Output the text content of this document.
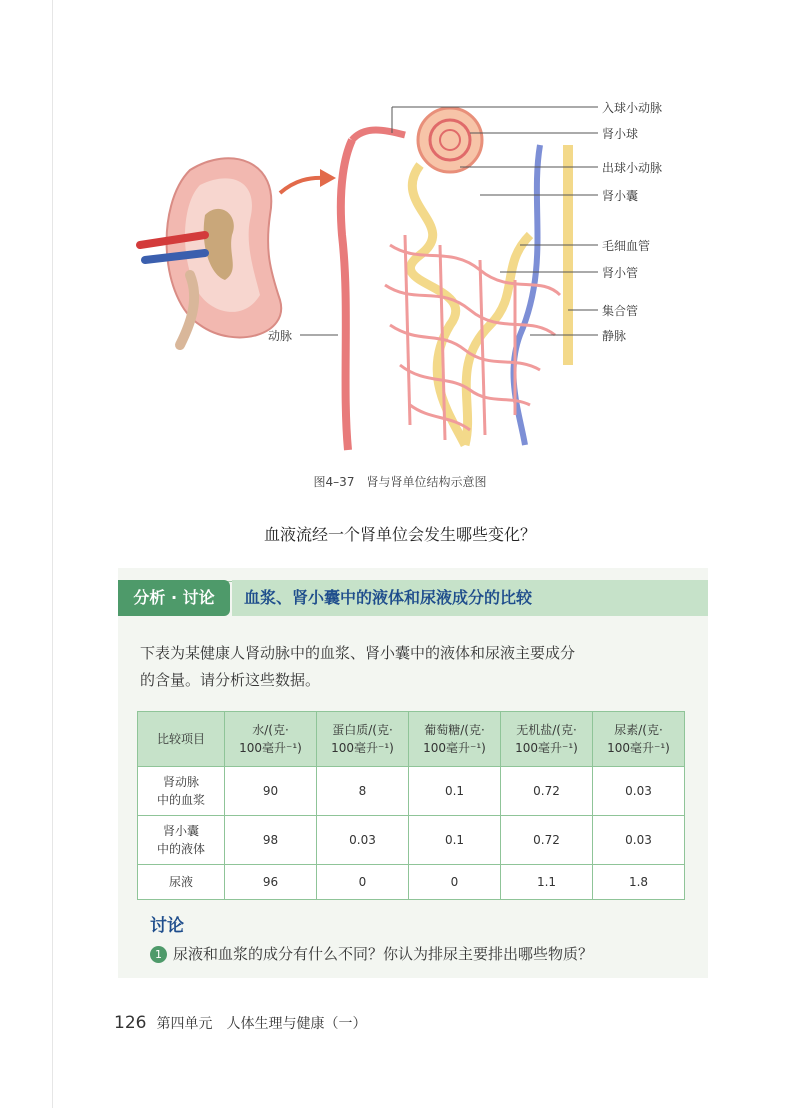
入球小动脉
肾小球
出球小动脉
肾小囊
毛细血管
肾小管
集合管
静脉
动脉
图4–37　肾与肾单位结构示意图
血液流经一个肾单位会发生哪些变化？
分析 · 讨论	血浆、肾小囊中的液体和尿液成分的比较
下表为某健康人肾动脉中的血浆、肾小囊中的液体和尿液主要成分
的含量。请分析这些数据。
比较项目	水/(克·
100毫升⁻¹)	蛋白质/(克·
100毫升⁻¹)	葡萄糖/(克·
100毫升⁻¹)	无机盐/(克·
100毫升⁻¹)	尿素/(克·
100毫升⁻¹)
肾动脉
中的血浆	90	8	0.1	0.72	0.03
肾小囊
中的液体	98	0.03	0.1	0.72	0.03
尿液	96	0	0	1.1	1.8
讨论
1 尿液和血浆的成分有什么不同？你认为排尿主要排出哪些物质？
126 第四单元 人体生理与健康（一）
